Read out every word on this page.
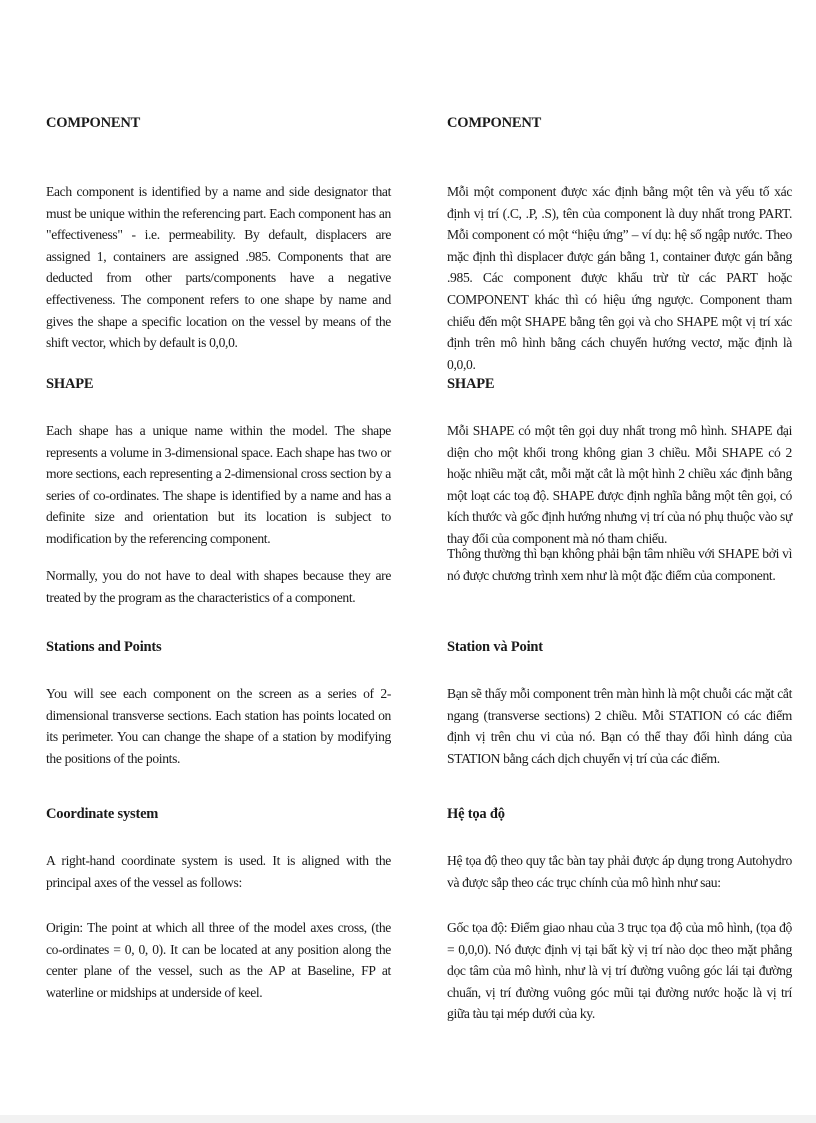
COMPONENT

Each component is identified by a name and side designator that must be unique within the referencing part. Each component has an "effectiveness" - i.e. permeability. By default, displacers are assigned 1, containers are assigned .985. Components that are deducted from other parts/components have a negative effectiveness. The component refers to one shape by name and gives the shape a specific location on the vessel by means of the shift vector, which by default is 0,0,0.

SHAPE

Each shape has a unique name within the model. The shape represents a volume in 3-dimensional space. Each shape has two or more sections, each representing a 2-dimensional cross section by a series of co-ordinates. The shape is identified by a name and has a definite size and orientation but its location is subject to modification by the referencing component.

Normally, you do not have to deal with shapes because they are treated by the program as the characteristics of a component.

Stations and Points

You will see each component on the screen as a series of 2-dimensional transverse sections. Each station has points located on its perimeter. You can change the shape of a station by modifying the positions of the points.

Coordinate system

A right-hand coordinate system is used. It is aligned with the principal axes of the vessel as follows:

Origin: The point at which all three of the model axes cross, (the co-ordinates = 0, 0, 0). It can be located at any position along the center plane of the vessel, such as the AP at Baseline, FP at waterline or midships at underside of keel.

COMPONENT

Mỗi một component được xác định bằng một tên và yếu tố xác định vị trí (.C, .P, .S), tên của component là duy nhất trong PART. Mỗi component có một “hiệu ứng” – ví dụ: hệ số ngập nước. Theo mặc định thì displacer được gán bằng 1, container được gán bằng .985. Các component được khấu trừ từ các PART hoặc COMPONENT khác thì có hiệu ứng ngược. Component tham chiếu đến một SHAPE bằng tên gọi và cho SHAPE một vị trí xác định trên mô hình bằng cách chuyển hướng vectơ, mặc định là 0,0,0.

SHAPE

Mỗi SHAPE có một tên gọi duy nhất trong mô hình. SHAPE đại diện cho một khối trong không gian 3 chiều. Mỗi SHAPE có 2 hoặc nhiều mặt cắt, mỗi mặt cắt là một hình 2 chiều xác định bằng một loạt các toạ độ. SHAPE được định nghĩa bằng một tên gọi, có kích thước và gốc định hướng nhưng vị trí của nó phụ thuộc vào sự thay đổi của component mà nó tham chiếu.

Thông thường thì bạn không phải bận tâm nhiều với SHAPE bởi vì nó được chương trình xem như là một đặc điểm của component.

Station và Point

Bạn sẽ thấy mỗi component trên màn hình là một chuỗi các mặt cắt ngang (transverse sections) 2 chiều. Mỗi STATION có các điểm định vị trên chu vi của nó. Bạn có thể thay đổi hình dáng của STATION bằng cách dịch chuyển vị trí của các điểm.

Hệ tọa độ

Hệ tọa độ theo quy tắc bàn tay phải được áp dụng trong Autohydro và được sắp theo các trục chính của mô hình như sau:

Gốc tọa độ: Điểm giao nhau của 3 trục tọa độ của mô hình, (tọa độ = 0,0,0). Nó được định vị tại bất kỳ vị trí nào dọc theo mặt phẳng dọc tâm của mô hình, như là vị trí đường vuông góc lái tại đường chuẩn, vị trí đường vuông góc mũi tại đường nước hoặc là vị trí giữa tàu tại mép dưới của ky.
